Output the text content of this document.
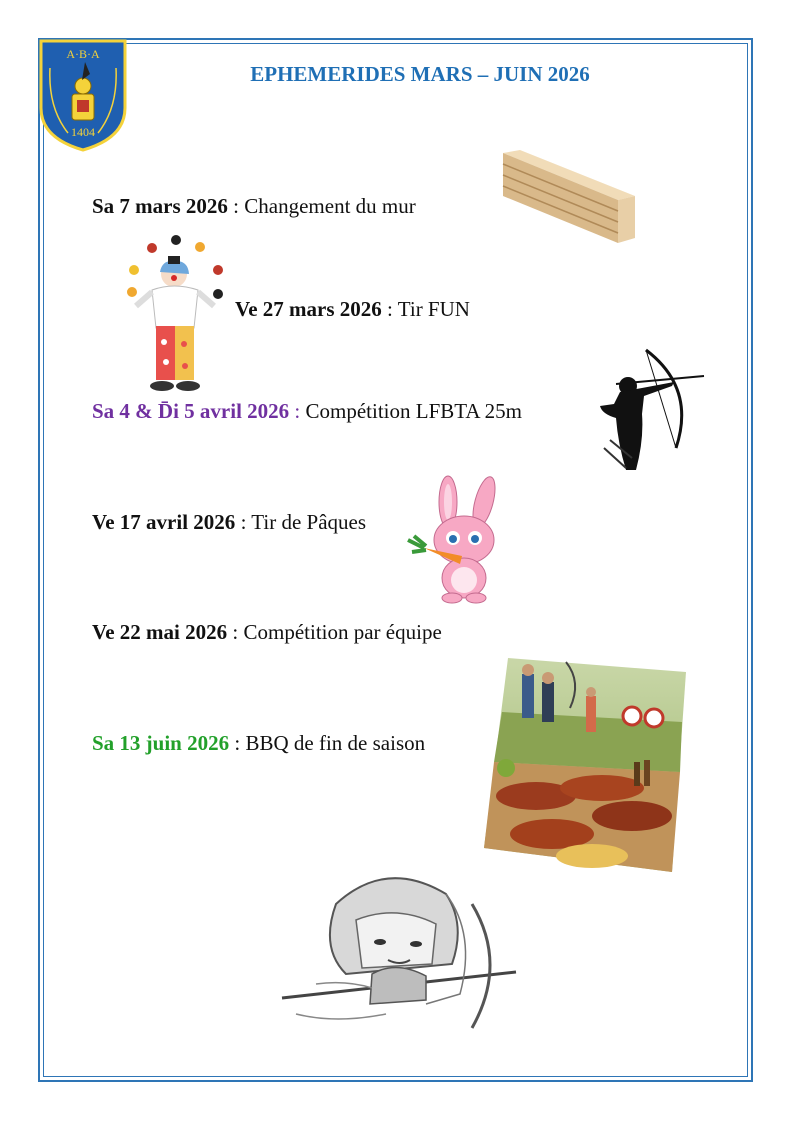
A·B·A
1404
EPHEMERIDES MARS – JUIN 2026
Sa 7 mars 2026 : Changement du mur
Ve 27 mars 2026 : Tir FUN
Sa 4 & D̄i 5 avril 2026 : Compétition LFBTA 25m
Ve 17 avril 2026 : Tir de Pâques
Ve 22 mai 2026 : Compétition par équipe
Sa 13 juin 2026 : BBQ de fin de saison
